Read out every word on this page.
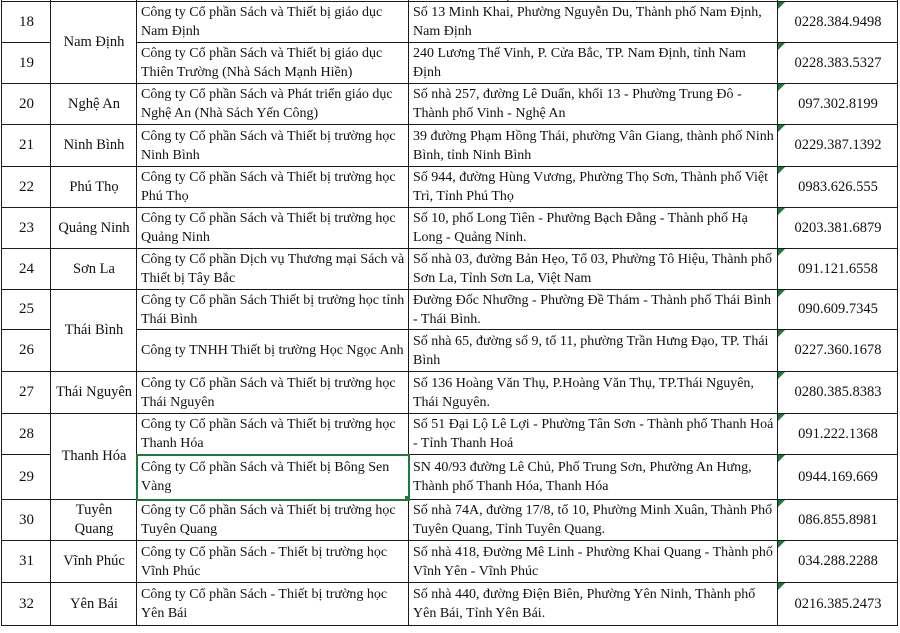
18	Nam Định	Công ty Cổ phần Sách và Thiết bị giáo dục Nam Định	Số 13 Minh Khai, Phường Nguyễn Du, Thành phố Nam Định, Nam Định	0228.384.9498
19		Công ty Cổ phần Sách và Thiết bị giáo dục Thiên Trường (Nhà Sách Mạnh Hiền)	240 Lương Thế Vinh, P. Cửa Bắc, TP. Nam Định, tỉnh Nam Định	0228.383.5327
20	Nghệ An	Công ty Cổ phần Sách và Phát triển giáo dục Nghệ An (Nhà Sách Yến Công)	Số nhà 257, đường Lê Duẩn, khối 13 - Phường Trung Đô - Thành phố Vinh - Nghệ An	097.302.8199
21	Ninh Bình	Công ty Cổ phần Sách và Thiết bị trường học Ninh Bình	39 đường Phạm Hồng Thái, phường Vân Giang, thành phố Ninh Bình, tỉnh Ninh Bình	0229.387.1392
22	Phú Thọ	Công ty Cổ phần Sách và Thiết bị trường học Phú Thọ	Số 944, đường Hùng Vương, Phường Thọ Sơn, Thành phố Việt Trì, Tỉnh Phú Thọ	0983.626.555
23	Quảng Ninh	Công ty Cổ phần Sách và Thiết bị trường học Quảng Ninh	Số 10, phố Long Tiên - Phường Bạch Đằng - Thành phố Hạ Long - Quảng Ninh.	0203.381.6879
24	Sơn La	Công ty Cổ phần Dịch vụ Thương mại Sách và Thiết bị Tây Bắc	Số nhà 03, đường Bản Hẹo, Tổ 03, Phường Tô Hiệu, Thành phố Sơn La, Tỉnh Sơn La, Việt Nam	091.121.6558
25	Thái Bình	Công ty Cổ phần Sách Thiết bị trường học tỉnh Thái Bình	Đường Đốc Nhưỡng - Phường Đề Thám - Thành phố Thái Bình - Thái Bình.	090.609.7345
26		Công ty TNHH Thiết bị trường Học Ngọc Anh	Số nhà 65, đường số 9, tổ 11, phường Trần Hưng Đạo, TP. Thái Bình	0227.360.1678
27	Thái Nguyên	Công ty Cổ phần Sách và Thiết bị trường học Thái Nguyên	Số 136 Hoàng Văn Thụ, P.Hoàng Văn Thụ, TP.Thái Nguyên, Thái Nguyên.	0280.385.8383
28	Thanh Hóa	Công ty Cổ phần Sách và Thiết bị trường học Thanh Hóa	Số 51 Đại Lộ Lê Lợi - Phường Tân Sơn - Thành phố Thanh Hoá - Tỉnh Thanh Hoá	091.222.1368
29		Công ty Cổ phần Sách và Thiết bị Bông Sen Vàng	SN 40/93 đường Lê Chủ, Phố Trung Sơn, Phường An Hưng, Thành phố Thanh Hóa, Thanh Hóa	0944.169.669
30	Tuyên Quang	Công ty Cổ phần Sách và Thiết bị trường học Tuyên Quang	Số nhà 74A, đường 17/8, tổ 10, Phường Minh Xuân, Thành Phố Tuyên Quang, Tỉnh Tuyên Quang.	086.855.8981
31	Vĩnh Phúc	Công ty Cổ phần Sách - Thiết bị trường học Vĩnh Phúc	Số nhà 418, Đường Mê Linh - Phường Khai Quang - Thành phố Vĩnh Yên - Vĩnh Phúc	034.288.2288
32	Yên Bái	Công ty Cổ phần Sách - Thiết bị trường học Yên Bái	Số nhà 440, đường Điện Biên, Phường Yên Ninh, Thành phố Yên Bái, Tỉnh Yên Bái.	0216.385.2473
